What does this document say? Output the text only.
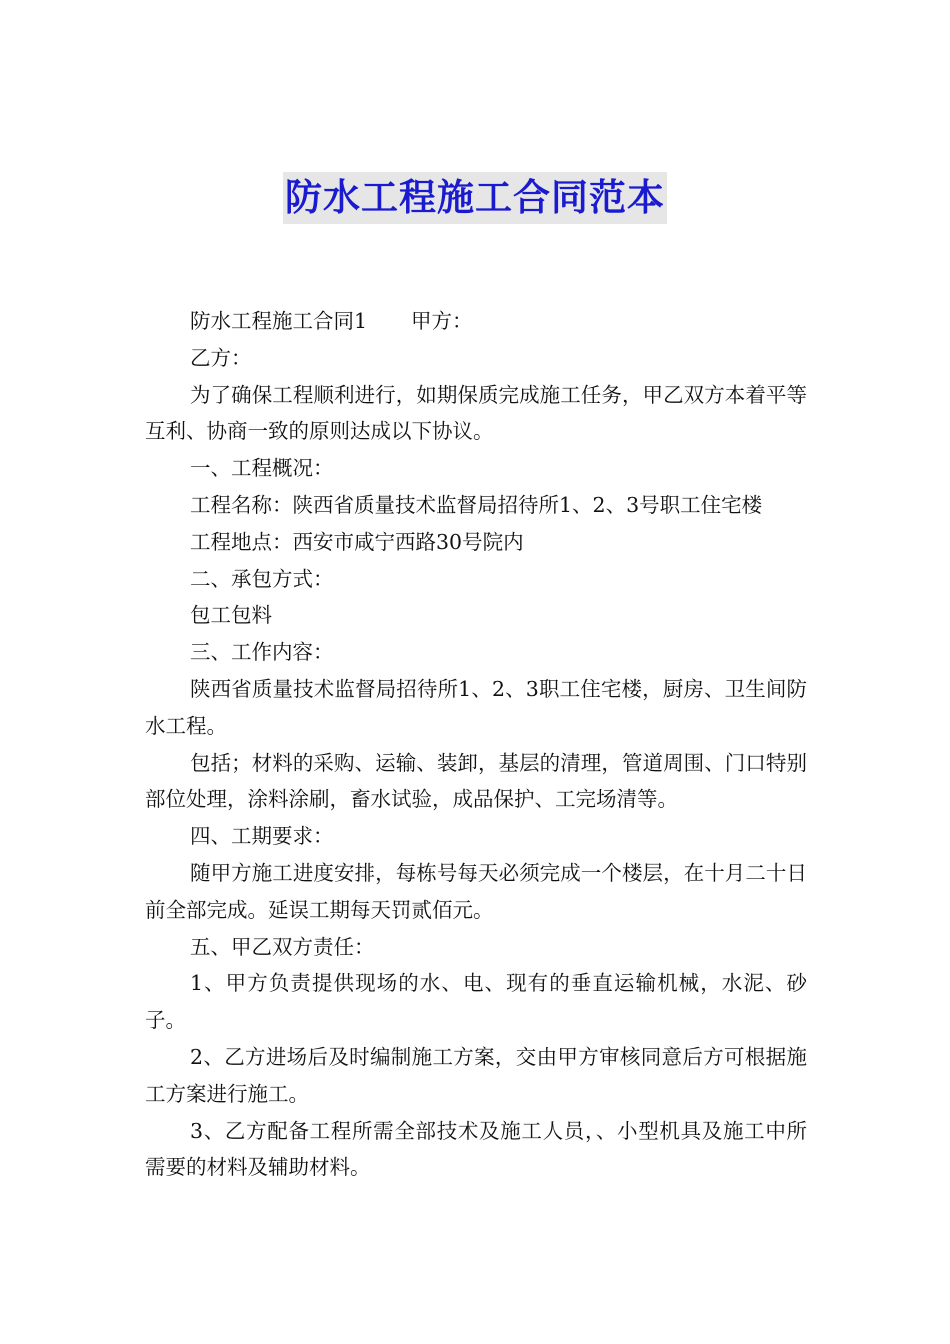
防水工程施工合同范本

防水工程施工合同1 甲方：

乙方：

为了确保工程顺利进行，如期保质完成施工任务，甲乙双方本着平等互利、协商一致的原则达成以下协议。

一、工程概况：

工程名称：陕西省质量技术监督局招待所1、2、3号职工住宅楼

工程地点：西安市咸宁西路30号院内

二、承包方式：

包工包料

三、工作内容：

陕西省质量技术监督局招待所1、2、3职工住宅楼，厨房、卫生间防水工程。

包括；材料的采购、运输、装卸，基层的清理，管道周围、门口特别部位处理，涂料涂刷，畜水试验，成品保护、工完场清等。

四、工期要求：

随甲方施工进度安排，每栋号每天必须完成一个楼层，在十月二十日前全部完成。延误工期每天罚贰佰元。

五、甲乙双方责任：

1、甲方负责提供现场的水、电、现有的垂直运输机械，水泥、砂子。

2、乙方进场后及时编制施工方案，交由甲方审核同意后方可根据施工方案进行施工。

3、乙方配备工程所需全部技术及施工人员，、小型机具及施工中所需要的材料及辅助材料。
